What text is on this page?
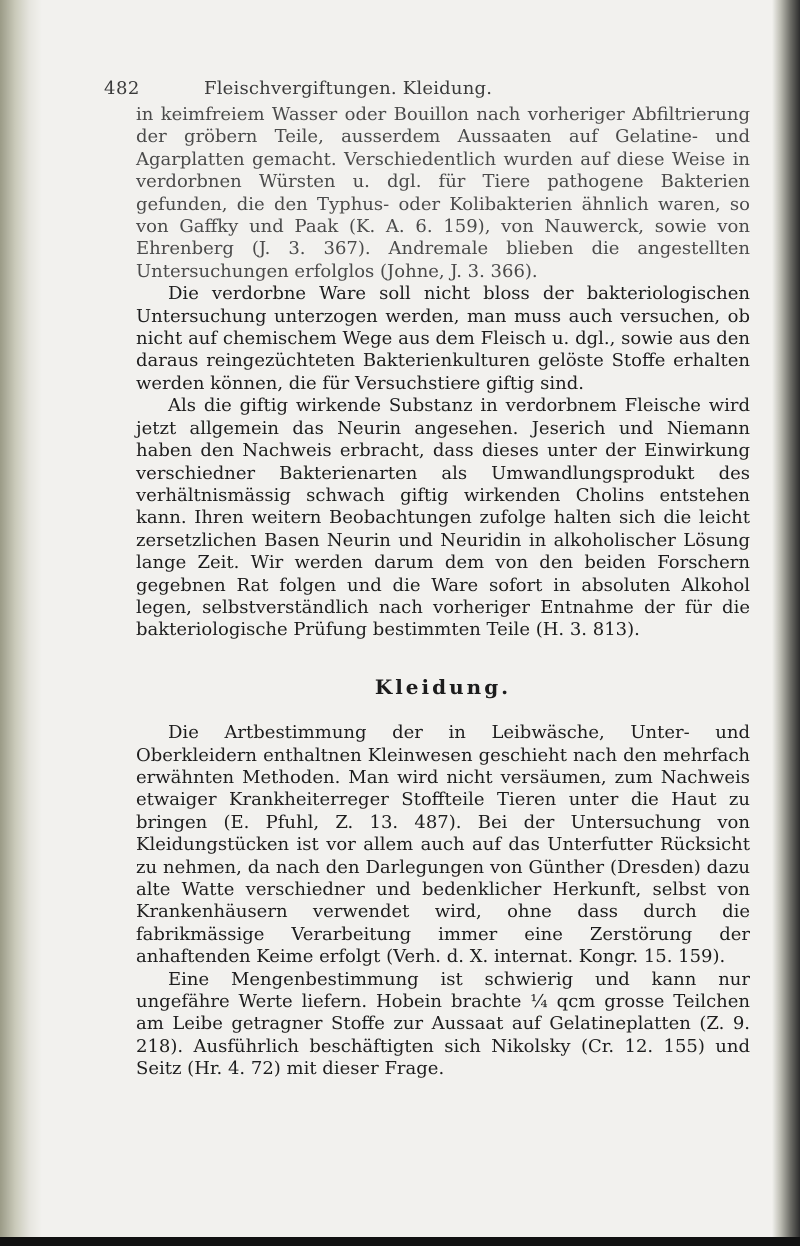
482	Fleischvergiftungen. Kleidung.

in keimfreiem Wasser oder Bouillon nach vorheriger Abfiltrierung der gröbern Teile, ausserdem Aussaaten auf Gelatine- und Agarplatten gemacht. Verschiedentlich wurden auf diese Weise in verdorbnen Würsten u. dgl. für Tiere pathogene Bakterien gefunden, die den Typhus- oder Kolibakterien ähnlich waren, so von Gaffky und Paak (K. A. 6. 159), von Nauwerck, sowie von Ehrenberg (J. 3. 367). Andremale blieben die angestellten Untersuchungen erfolglos (Johne, J. 3. 366).

Die verdorbne Ware soll nicht bloss der bakteriologischen Untersuchung unterzogen werden, man muss auch versuchen, ob nicht auf chemischem Wege aus dem Fleisch u. dgl., sowie aus den daraus reingezüchteten Bakterienkulturen gelöste Stoffe erhalten werden können, die für Versuchstiere giftig sind.

Als die giftig wirkende Substanz in verdorbnem Fleische wird jetzt allgemein das Neurin angesehen. Jeserich und Niemann haben den Nachweis erbracht, dass dieses unter der Einwirkung verschiedner Bakterienarten als Umwandlungsprodukt des verhältnismässig schwach giftig wirkenden Cholins entstehen kann. Ihren weitern Beobachtungen zufolge halten sich die leicht zersetzlichen Basen Neurin und Neuridin in alkoholischer Lösung lange Zeit. Wir werden darum dem von den beiden Forschern gegebnen Rat folgen und die Ware sofort in absoluten Alkohol legen, selbstverständlich nach vorheriger Entnahme der für die bakteriologische Prüfung bestimmten Teile (H. 3. 813).

Kleidung.

Die Artbestimmung der in Leibwäsche, Unter- und Oberkleidern enthaltnen Kleinwesen geschieht nach den mehrfach erwähnten Methoden. Man wird nicht versäumen, zum Nachweis etwaiger Krankheiterreger Stoffteile Tieren unter die Haut zu bringen (E. Pfuhl, Z. 13. 487). Bei der Untersuchung von Kleidungstücken ist vor allem auch auf das Unterfutter Rücksicht zu nehmen, da nach den Darlegungen von Günther (Dresden) dazu alte Watte verschiedner und bedenklicher Herkunft, selbst von Krankenhäusern verwendet wird, ohne dass durch die fabrikmässige Verarbeitung immer eine Zerstörung der anhaftenden Keime erfolgt (Verh. d. X. internat. Kongr. 15. 159).

Eine Mengenbestimmung ist schwierig und kann nur ungefähre Werte liefern. Hobein brachte ¼ qcm grosse Teilchen am Leibe getragner Stoffe zur Aussaat auf Gelatineplatten (Z. 9. 218). Ausführlich beschäftigten sich Nikolsky (Cr. 12. 155) und Seitz (Hr. 4. 72) mit dieser Frage.
